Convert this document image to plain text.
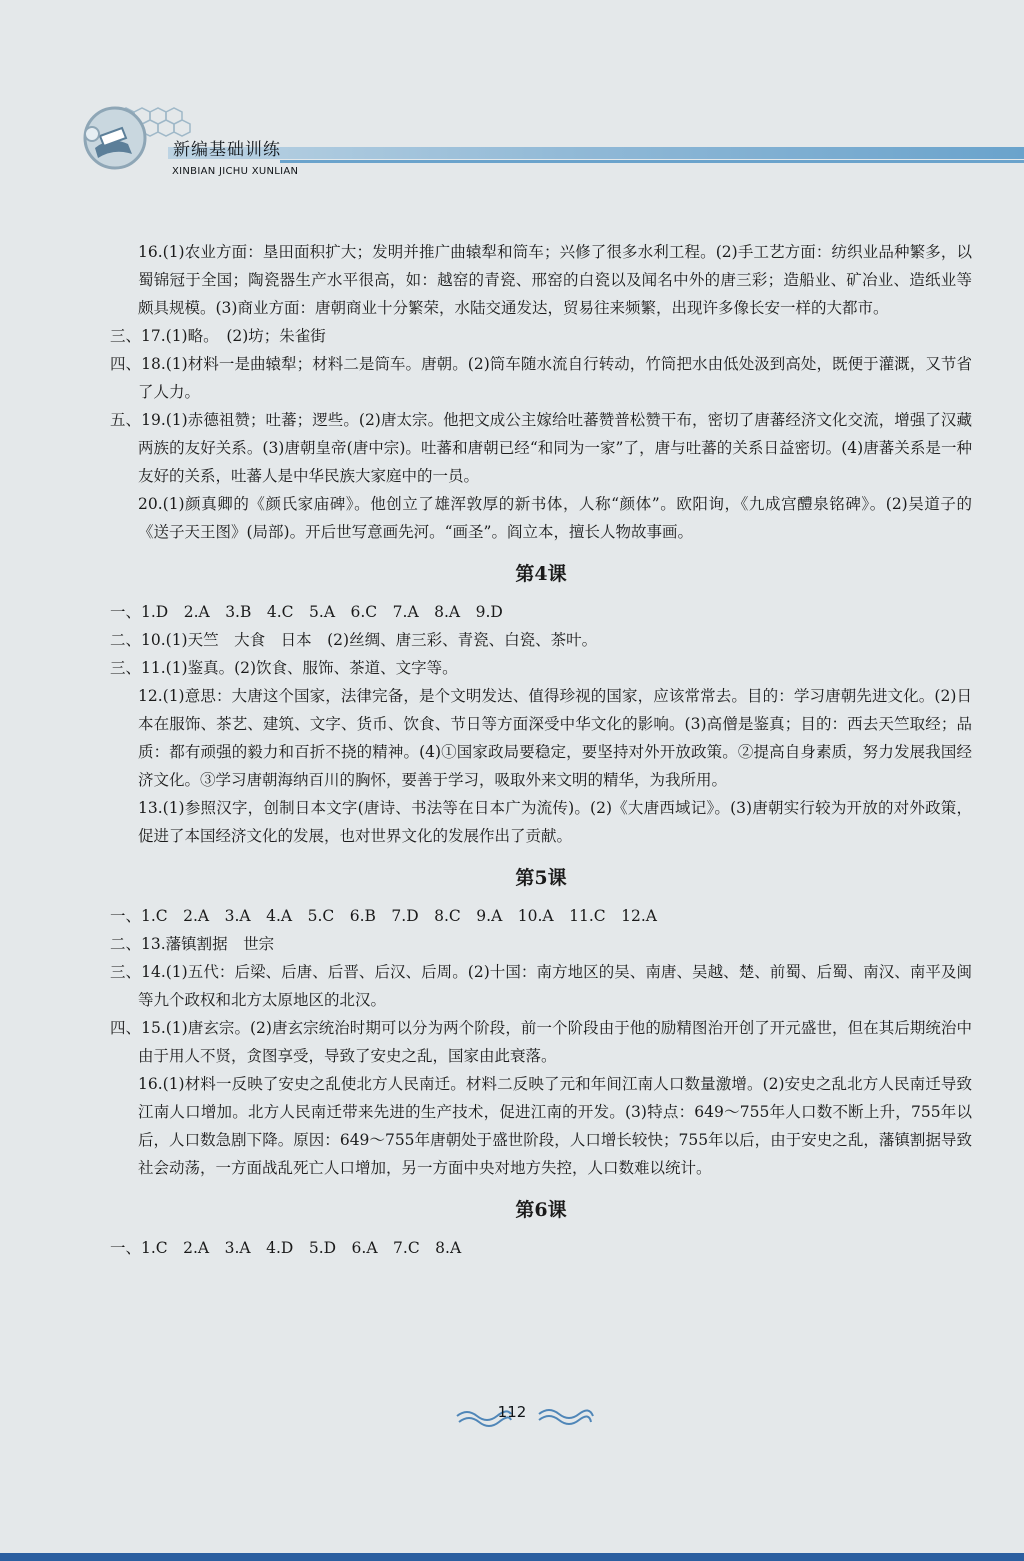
新编基础训练
XINBIAN JICHU XUNLIAN
16.(1)农业方面：垦田面积扩大；发明并推广曲辕犁和筒车；兴修了很多水利工程。(2)手工艺方面：纺织业品种繁多，以蜀锦冠于全国；陶瓷器生产水平很高，如：越窑的青瓷、邢窑的白瓷以及闻名中外的唐三彩；造船业、矿冶业、造纸业等颇具规模。(3)商业方面：唐朝商业十分繁荣，水陆交通发达，贸易往来频繁，出现许多像长安一样的大都市。
三、17.(1)略。　(2)坊；朱雀街
四、18.(1)材料一是曲辕犁；材料二是筒车。唐朝。(2)筒车随水流自行转动，竹筒把水由低处汲到高处，既便于灌溉，又节省了人力。
五、19.(1)赤德祖赞；吐蕃；逻些。(2)唐太宗。他把文成公主嫁给吐蕃赞普松赞干布，密切了唐蕃经济文化交流，增强了汉藏两族的友好关系。(3)唐朝皇帝(唐中宗)。吐蕃和唐朝已经“和同为一家”了，唐与吐蕃的关系日益密切。(4)唐蕃关系是一种友好的关系，吐蕃人是中华民族大家庭中的一员。
20.(1)颜真卿的《颜氏家庙碑》。他创立了雄浑敦厚的新书体，人称“颜体”。欧阳询，《九成宫醴泉铭碑》。(2)吴道子的《送子天王图》(局部)。开后世写意画先河。“画圣”。阎立本，擅长人物故事画。
第4课
一、1.D　2.A　3.B　4.C　5.A　6.C　7.A　8.A　9.D
二、10.(1)天竺　大食　日本　(2)丝绸、唐三彩、青瓷、白瓷、茶叶。
三、11.(1)鉴真。(2)饮食、服饰、茶道、文字等。
12.(1)意思：大唐这个国家，法律完备，是个文明发达、值得珍视的国家，应该常常去。目的：学习唐朝先进文化。(2)日本在服饰、茶艺、建筑、文字、货币、饮食、节日等方面深受中华文化的影响。(3)高僧是鉴真；目的：西去天竺取经；品质：都有顽强的毅力和百折不挠的精神。(4)①国家政局要稳定，要坚持对外开放政策。②提高自身素质，努力发展我国经济文化。③学习唐朝海纳百川的胸怀，要善于学习，吸取外来文明的精华，为我所用。
13.(1)参照汉字，创制日本文字(唐诗、书法等在日本广为流传)。(2)《大唐西域记》。(3)唐朝实行较为开放的对外政策，促进了本国经济文化的发展，也对世界文化的发展作出了贡献。
第5课
一、1.C　2.A　3.A　4.A　5.C　6.B　7.D　8.C　9.A　10.A　11.C　12.A
二、13.藩镇割据　世宗
三、14.(1)五代：后梁、后唐、后晋、后汉、后周。(2)十国：南方地区的吴、南唐、吴越、楚、前蜀、后蜀、南汉、南平及闽等九个政权和北方太原地区的北汉。
四、15.(1)唐玄宗。(2)唐玄宗统治时期可以分为两个阶段，前一个阶段由于他的励精图治开创了开元盛世，但在其后期统治中由于用人不贤，贪图享受，导致了安史之乱，国家由此衰落。
16.(1)材料一反映了安史之乱使北方人民南迁。材料二反映了元和年间江南人口数量激增。(2)安史之乱北方人民南迁导致江南人口增加。北方人民南迁带来先进的生产技术，促进江南的开发。(3)特点：649～755年人口数不断上升，755年以后，人口数急剧下降。原因：649～755年唐朝处于盛世阶段，人口增长较快；755年以后，由于安史之乱，藩镇割据导致社会动荡，一方面战乱死亡人口增加，另一方面中央对地方失控，人口数难以统计。
第6课
一、1.C　2.A　3.A　4.D　5.D　6.A　7.C　8.A
112
